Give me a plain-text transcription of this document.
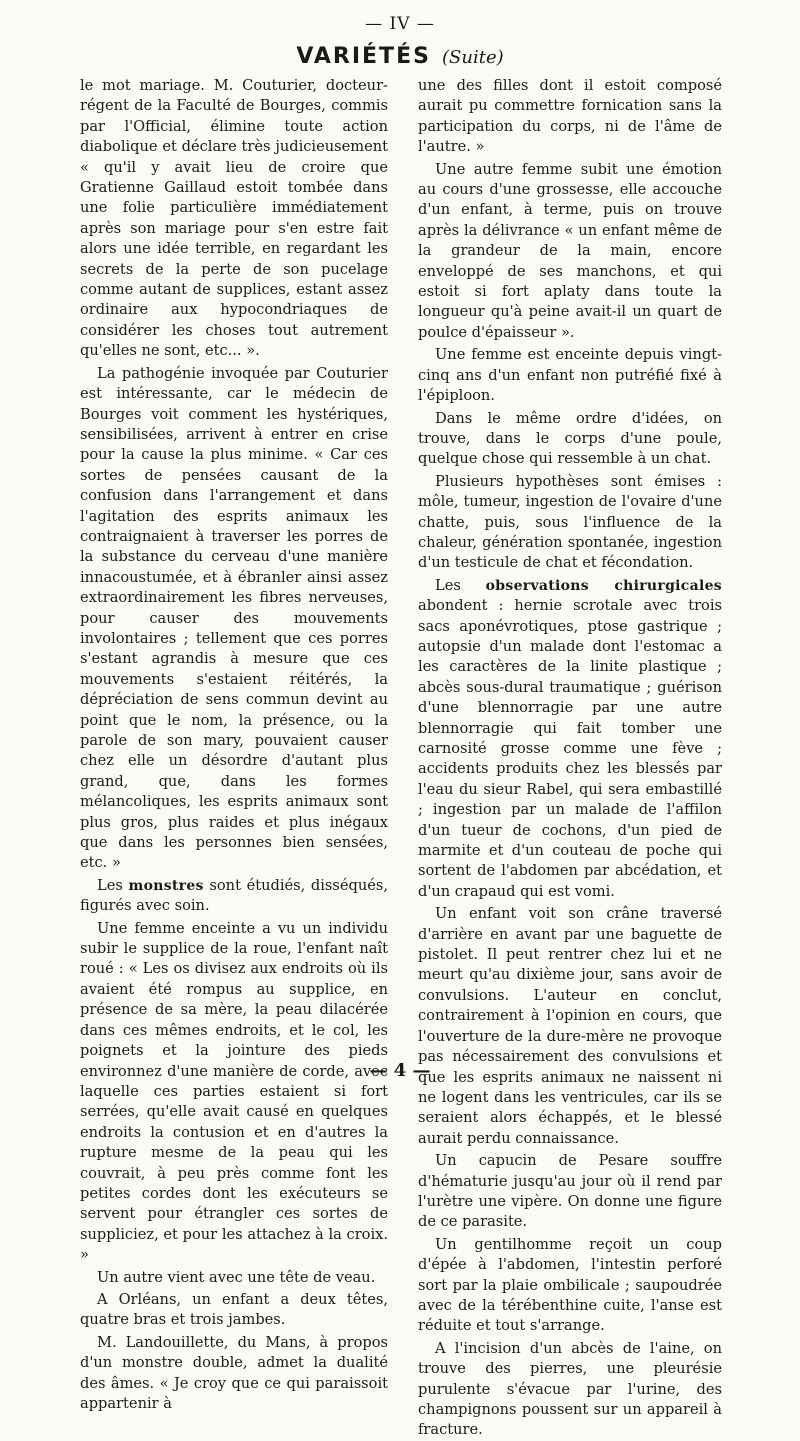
— IV —
VARIÉTÉS (Suite)

le mot mariage. M. Couturier, docteur-régent de la Faculté de Bourges, commis par l'Official, élimine toute action diabolique et déclare très judicieusement « qu'il y avait lieu de croire que Gratienne Gaillaud estoit tombée dans une folie particulière immédiatement après son mariage pour s'en estre fait alors une idée terrible, en regardant les secrets de la perte de son pucelage comme autant de supplices, estant assez ordinaire aux hypocondriaques de considérer les choses tout autrement qu'elles ne sont, etc... ».

La pathogénie invoquée par Couturier est intéressante, car le médecin de Bourges voit comment les hystériques, sensibilisées, arrivent à entrer en crise pour la cause la plus minime. « Car ces sortes de pensées causant de la confusion dans l'arrangement et dans l'agitation des esprits animaux les contraignaient à traverser les porres de la substance du cerveau d'une manière innacoustumée, et à ébranler ainsi assez extraordinairement les fibres nerveuses, pour causer des mouvements involontaires ; tellement que ces porres s'estant agrandis à mesure que ces mouvements s'estaient réitérés, la dépréciation de sens commun devint au point que le nom, la présence, ou la parole de son mary, pouvaient causer chez elle un désordre d'autant plus grand, que, dans les formes mélancoliques, les esprits animaux sont plus gros, plus raides et plus inégaux que dans les personnes bien sensées, etc. »

Les monstres sont étudiés, disséqués, figurés avec soin.

Une femme enceinte a vu un individu subir le supplice de la roue, l'enfant naît roué : « Les os divisez aux endroits où ils avaient été rompus au supplice, en présence de sa mère, la peau dilacérée dans ces mêmes endroits, et le col, les poignets et la jointure des pieds environnez d'une manière de corde, avec laquelle ces parties estaient si fort serrées, qu'elle avait causé en quelques endroits la contusion et en d'autres la rupture mesme de la peau qui les couvrait, à peu près comme font les petites cordes dont les exécuteurs se servent pour étrangler ces sortes de suppliciez, et pour les attachez à la croix. »

Un autre vient avec une tête de veau.

A Orléans, un enfant a deux têtes, quatre bras et trois jambes.

M. Landouillette, du Mans, à propos d'un monstre double, admet la dualité des âmes. « Je croy que ce qui paraissoit appartenir à

une des filles dont il estoit composé aurait pu commettre fornication sans la participation du corps, ni de l'âme de l'autre. »

Une autre femme subit une émotion au cours d'une grossesse, elle accouche d'un enfant, à terme, puis on trouve après la délivrance « un enfant même de la grandeur de la main, encore enveloppé de ses manchons, et qui estoit si fort aplaty dans toute la longueur qu'à peine avait-il un quart de poulce d'épaisseur ».

Une femme est enceinte depuis vingt-cinq ans d'un enfant non putréfié fixé à l'épiploon.

Dans le même ordre d'idées, on trouve, dans le corps d'une poule, quelque chose qui ressemble à un chat.

Plusieurs hypothèses sont émises : môle, tumeur, ingestion de l'ovaire d'une chatte, puis, sous l'influence de la chaleur, génération spontanée, ingestion d'un testicule de chat et fécondation.

Les observations chirurgicales abondent : hernie scrotale avec trois sacs aponévrotiques, ptose gastrique ; autopsie d'un malade dont l'estomac a les caractères de la linite plastique ; abcès sous-dural traumatique ; guérison d'une blennorragie par une autre blennorragie qui fait tomber une carnosité grosse comme une fève ; accidents produits chez les blessés par l'eau du sieur Rabel, qui sera embastillé ; ingestion par un malade de l'affilon d'un tueur de cochons, d'un pied de marmite et d'un couteau de poche qui sortent de l'abdomen par abcédation, et d'un crapaud qui est vomi.

Un enfant voit son crâne traversé d'arrière en avant par une baguette de pistolet. Il peut rentrer chez lui et ne meurt qu'au dixième jour, sans avoir de convulsions. L'auteur en conclut, contrairement à l'opinion en cours, que l'ouverture de la dure-mère ne provoque pas nécessairement des convulsions et que les esprits animaux ne naissent ni ne logent dans les ventricules, car ils se seraient alors échappés, et le blessé aurait perdu connaissance.

Un capucin de Pesare souffre d'hématurie jusqu'au jour où il rend par l'urètre une vipère. On donne une figure de ce parasite.

Un gentilhomme reçoit un coup d'épée à l'abdomen, l'intestin perforé sort par la plaie ombilicale ; saupoudrée avec de la térébenthine cuite, l'anse est réduite et tout s'arrange.

A l'incision d'un abcès de l'aine, on trouve des pierres, une pleurésie purulente s'évacue par l'urine, des champignons poussent sur un appareil à fracture.

— 4 —
